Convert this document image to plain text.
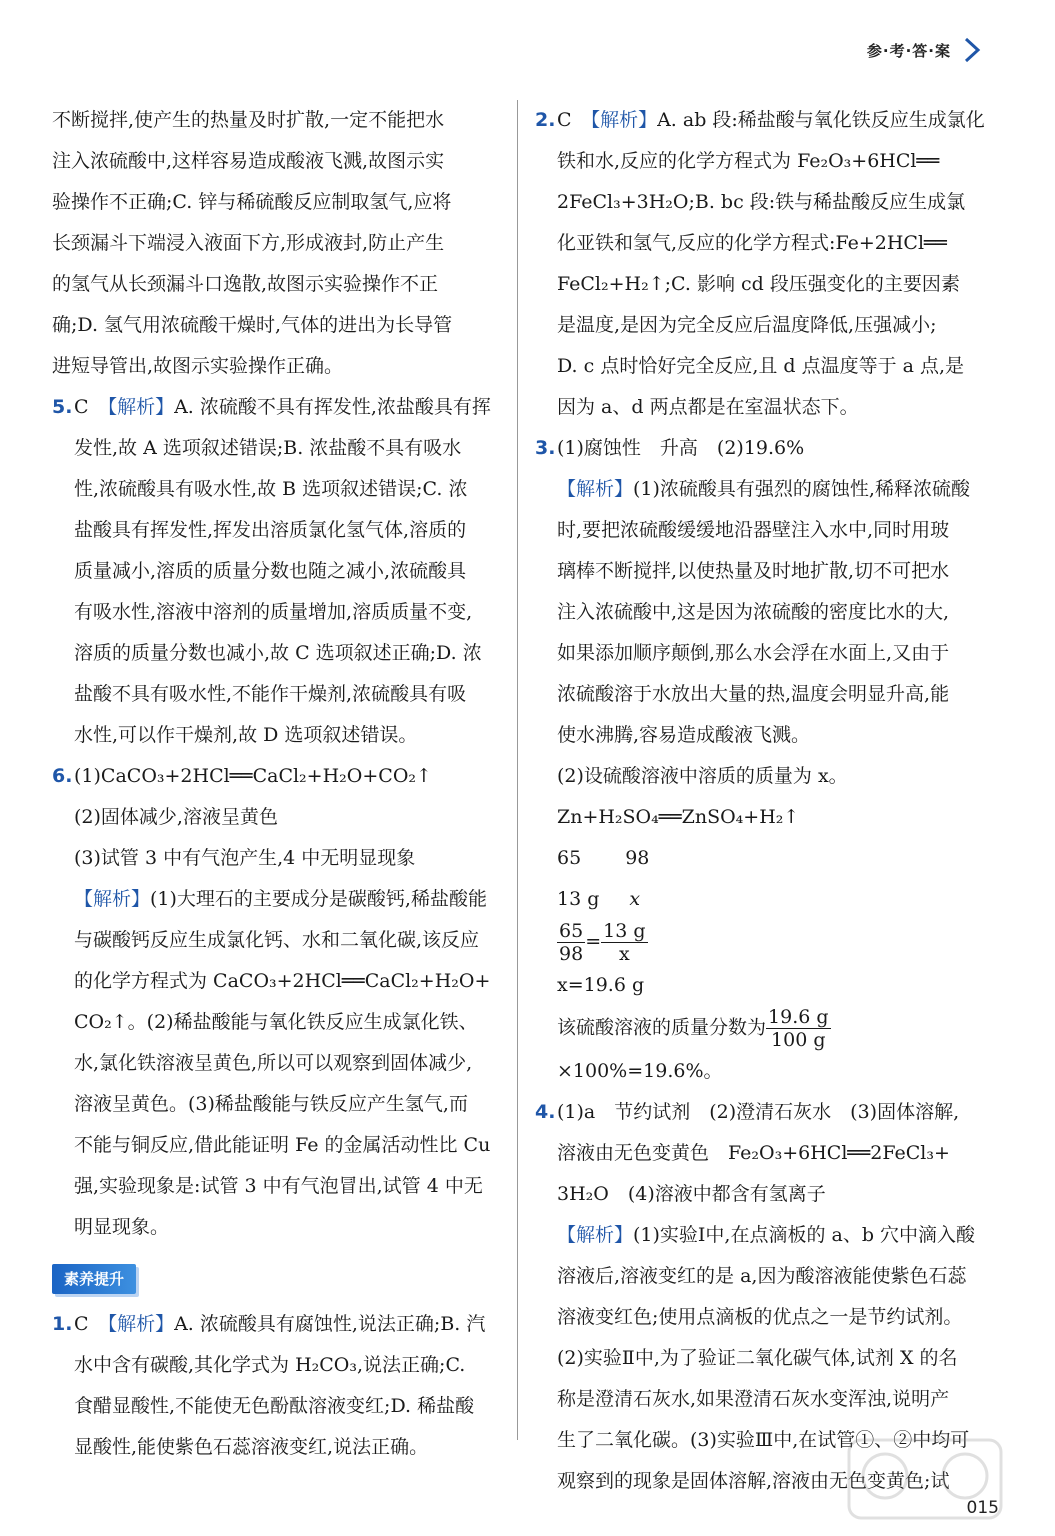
参·考·答·案

不断搅拌,使产生的热量及时扩散,一定不能把水

注入浓硫酸中,这样容易造成酸液飞溅,故图示实

验操作不正确;C. 锌与稀硫酸反应制取氢气,应将

长颈漏斗下端浸入液面下方,形成液封,防止产生

的氢气从长颈漏斗口逸散,故图示实验操作不正

确;D. 氢气用浓硫酸干燥时,气体的进出为长导管

进短导管出,故图示实验操作正确。

5. C　 【解析】A. 浓硫酸不具有挥发性,浓盐酸具有挥

发性,故 A 选项叙述错误;B. 浓盐酸不具有吸水

性,浓硫酸具有吸水性,故 B 选项叙述错误;C. 浓

盐酸具有挥发性,挥发出溶质氯化氢气体,溶质的

质量减小,溶质的质量分数也随之减小,浓硫酸具

有吸水性,溶液中溶剂的质量增加,溶质质量不变,

溶质的质量分数也减小,故 C 选项叙述正确;D. 浓

盐酸不具有吸水性,不能作干燥剂,浓硫酸具有吸

水性,可以作干燥剂,故 D 选项叙述错误。

6. (1)CaCO₃+2HCl══CaCl₂+H₂O+CO₂↑

(2)固体减少,溶液呈黄色

(3)试管 3 中有气泡产生,4 中无明显现象

【解析】(1)大理石的主要成分是碳酸钙,稀盐酸能

与碳酸钙反应生成氯化钙、水和二氧化碳,该反应

的化学方程式为 CaCO₃+2HCl══CaCl₂+H₂O+

CO₂↑。(2)稀盐酸能与氧化铁反应生成氯化铁、

水,氯化铁溶液呈黄色,所以可以观察到固体减少,

溶液呈黄色。(3)稀盐酸能与铁反应产生氢气,而

不能与铜反应,借此能证明 Fe 的金属活动性比 Cu

强,实验现象是:试管 3 中有气泡冒出,试管 4 中无

明显现象。

素养提升
1. C　 【解析】A. 浓硫酸具有腐蚀性,说法正确;B. 汽

水中含有碳酸,其化学式为 H₂CO₃,说法正确;C.

食醋显酸性,不能使无色酚酞溶液变红;D. 稀盐酸

显酸性,能使紫色石蕊溶液变红,说法正确。

2. C　 【解析】A. ab 段:稀盐酸与氧化铁反应生成氯化

铁和水,反应的化学方程式为 Fe₂O₃+6HCl══

2FeCl₃+3H₂O;B. bc 段:铁与稀盐酸反应生成氯

化亚铁和氢气,反应的化学方程式:Fe+2HCl══

FeCl₂+H₂↑;C. 影响 cd 段压强变化的主要因素

是温度,是因为完全反应后温度降低,压强减小;

D. c 点时恰好完全反应,且 d 点温度等于 a 点,是

因为 a、d 两点都是在室温状态下。

3. (1)腐蚀性　升高　(2)19.6%

【解析】(1)浓硫酸具有强烈的腐蚀性,稀释浓硫酸

时,要把浓硫酸缓缓地沿器壁注入水中,同时用玻

璃棒不断搅拌,以使热量及时地扩散,切不可把水

注入浓硫酸中,这是因为浓硫酸的密度比水的大,

如果添加顺序颠倒,那么水会浮在水面上,又由于

浓硫酸溶于水放出大量的热,温度会明显升高,能

使水沸腾,容易造成酸液飞溅。

(2)设硫酸溶液中溶质的质量为 x。

Zn+H₂SO₄══ZnSO₄+H₂↑

65 98

13 g x

$\frac{65}{98} = \frac{13 g}{x}$

x=19.6 g

该硫酸溶液的质量分数为 $\frac{19.6 g}{100 g}$
×100%=19.6%。

4. (1)a　节约试剂　(2)澄清石灰水　(3)固体溶解,

溶液由无色变黄色　Fe₂O₃+6HCl══2FeCl₃+

3H₂O　(4)溶液中都含有氢离子

【解析】(1)实验Ⅰ中,在点滴板的 a、b 穴中滴入酸

溶液后,溶液变红的是 a,因为酸溶液能使紫色石蕊

溶液变红色;使用点滴板的优点之一是节约试剂。

(2)实验Ⅱ中,为了验证二氧化碳气体,试剂 X 的名

称是澄清石灰水,如果澄清石灰水变浑浊,说明产

生了二氧化碳。(3)实验Ⅲ中,在试管①、②中均可

观察到的现象是固体溶解,溶液由无色变黄色;试

015
